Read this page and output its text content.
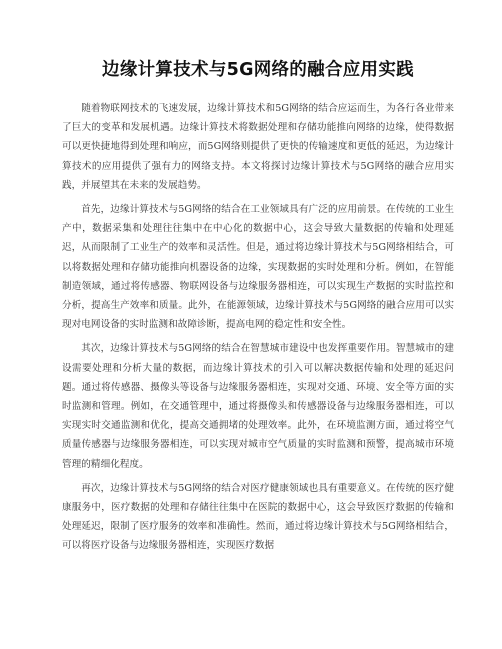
边缘计算技术与5G网络的融合应用实践

随着物联网技术的飞速发展，边缘计算技术和5G网络的结合应运而生，为各行各业带来了巨大的变革和发展机遇。边缘计算技术将数据处理和存储功能推向网络的边缘，使得数据可以更快捷地得到处理和响应，而5G网络则提供了更快的传输速度和更低的延迟，为边缘计算技术的应用提供了强有力的网络支持。本文将探讨边缘计算技术与5G网络的融合应用实践，并展望其在未来的发展趋势。

首先，边缘计算技术与5G网络的结合在工业领域具有广泛的应用前景。在传统的工业生产中，数据采集和处理往往集中在中心化的数据中心，这会导致大量数据的传输和处理延迟，从而限制了工业生产的效率和灵活性。但是，通过将边缘计算技术与5G网络相结合，可以将数据处理和存储功能推向机器设备的边缘，实现数据的实时处理和分析。例如，在智能制造领域，通过将传感器、物联网设备与边缘服务器相连，可以实现生产数据的实时监控和分析，提高生产效率和质量。此外，在能源领域，边缘计算技术与5G网络的融合应用可以实现对电网设备的实时监测和故障诊断，提高电网的稳定性和安全性。

其次，边缘计算技术与5G网络的结合在智慧城市建设中也发挥重要作用。智慧城市的建设需要处理和分析大量的数据，而边缘计算技术的引入可以解决数据传输和处理的延迟问题。通过将传感器、摄像头等设备与边缘服务器相连，实现对交通、环境、安全等方面的实时监测和管理。例如，在交通管理中，通过将摄像头和传感器设备与边缘服务器相连，可以实现实时交通监测和优化，提高交通拥堵的处理效率。此外，在环境监测方面，通过将空气质量传感器与边缘服务器相连，可以实现对城市空气质量的实时监测和预警，提高城市环境管理的精细化程度。

再次，边缘计算技术与5G网络的结合对医疗健康领域也具有重要意义。在传统的医疗健康服务中，医疗数据的处理和存储往往集中在医院的数据中心，这会导致医疗数据的传输和处理延迟，限制了医疗服务的效率和准确性。然而，通过将边缘计算技术与5G网络相结合，可以将医疗设备与边缘服务器相连，实现医疗数据
